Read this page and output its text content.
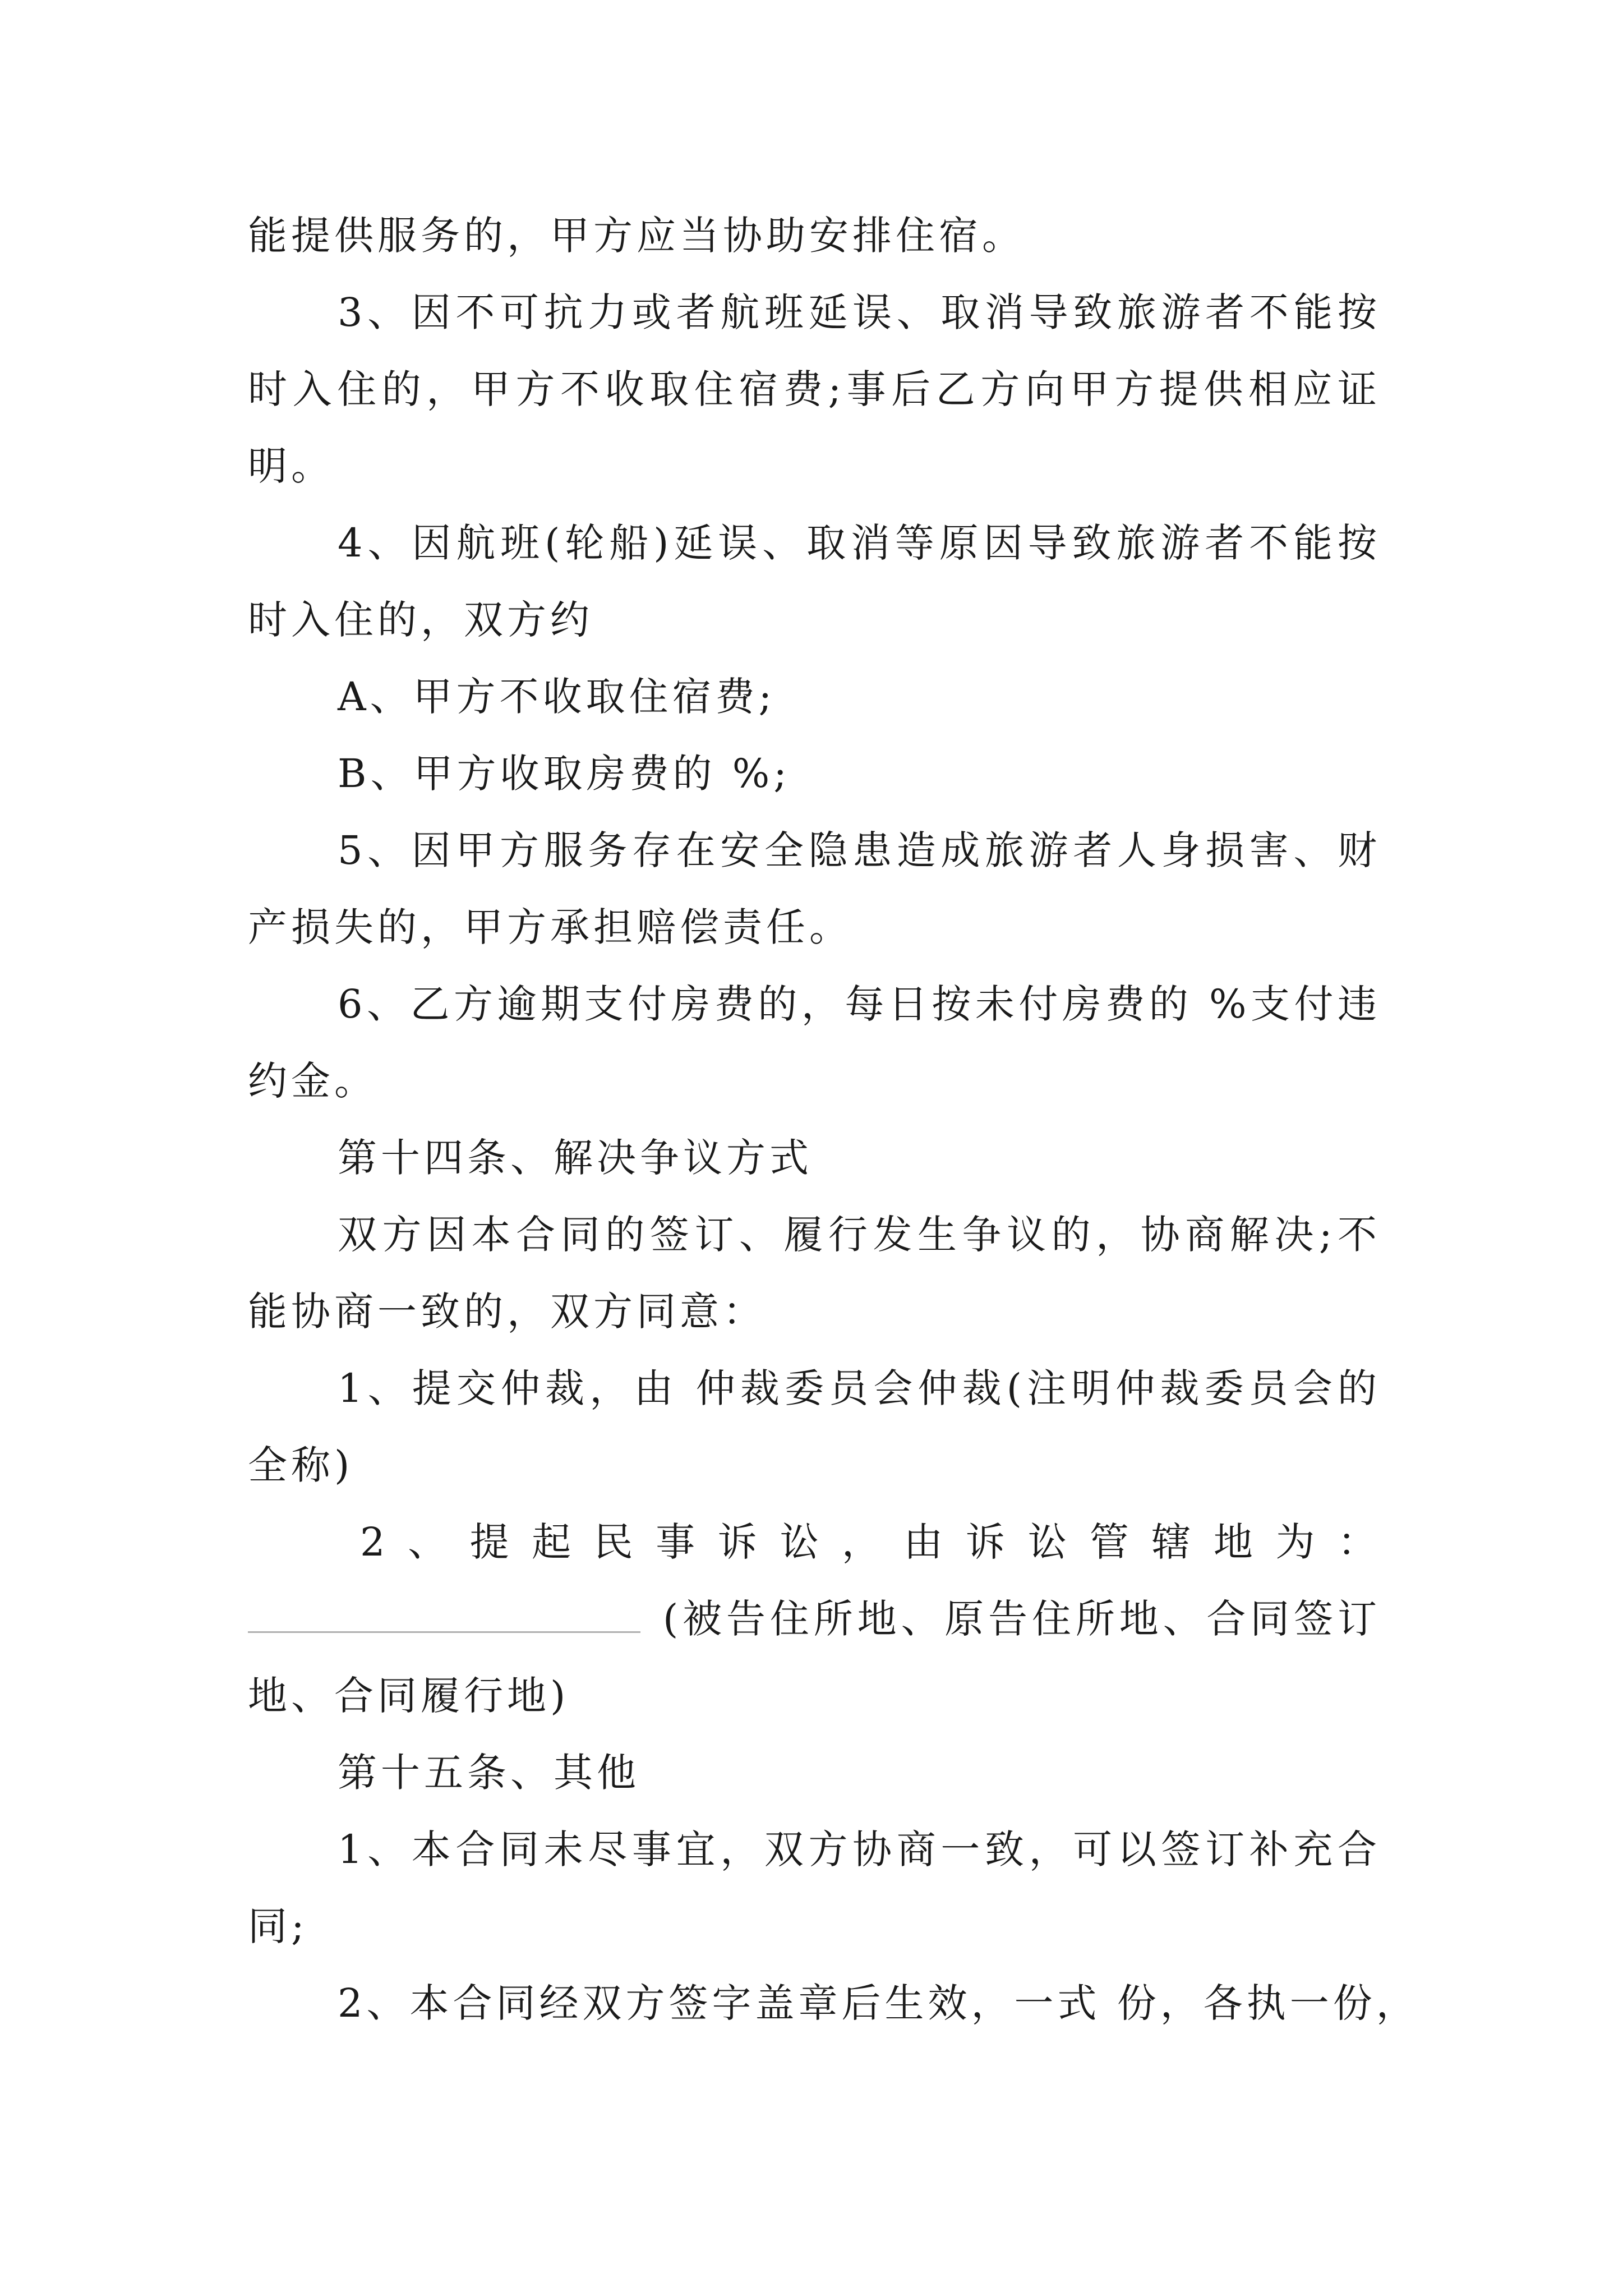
能提供服务的，甲方应当协助安排住宿。
3、因不可抗力或者航班延误、取消导致旅游者不能按
时入住的，甲方不收取住宿费;事后乙方向甲方提供相应证
明。
4、因航班(轮船)延误、取消等原因导致旅游者不能按
时入住的，双方约
A、甲方不收取住宿费;
B、甲方收取房费的 %;
5、因甲方服务存在安全隐患造成旅游者人身损害、财
产损失的，甲方承担赔偿责任。
6、乙方逾期支付房费的，每日按未付房费的 %支付违
约金。
第十四条、解决争议方式
双方因本合同的签订、履行发生争议的，协商解决;不
能协商一致的，双方同意：
1、提交仲裁，由 仲裁委员会仲裁(注明仲裁委员会的
全称)
2、提起民事诉讼，由诉讼管辖地为：
(被告住所地、原告住所地、合同签订
地、合同履行地)
第十五条、其他
1、本合同未尽事宜，双方协商一致，可以签订补充合
同;
2、本合同经双方签字盖章后生效，一式 份，各执一份，
